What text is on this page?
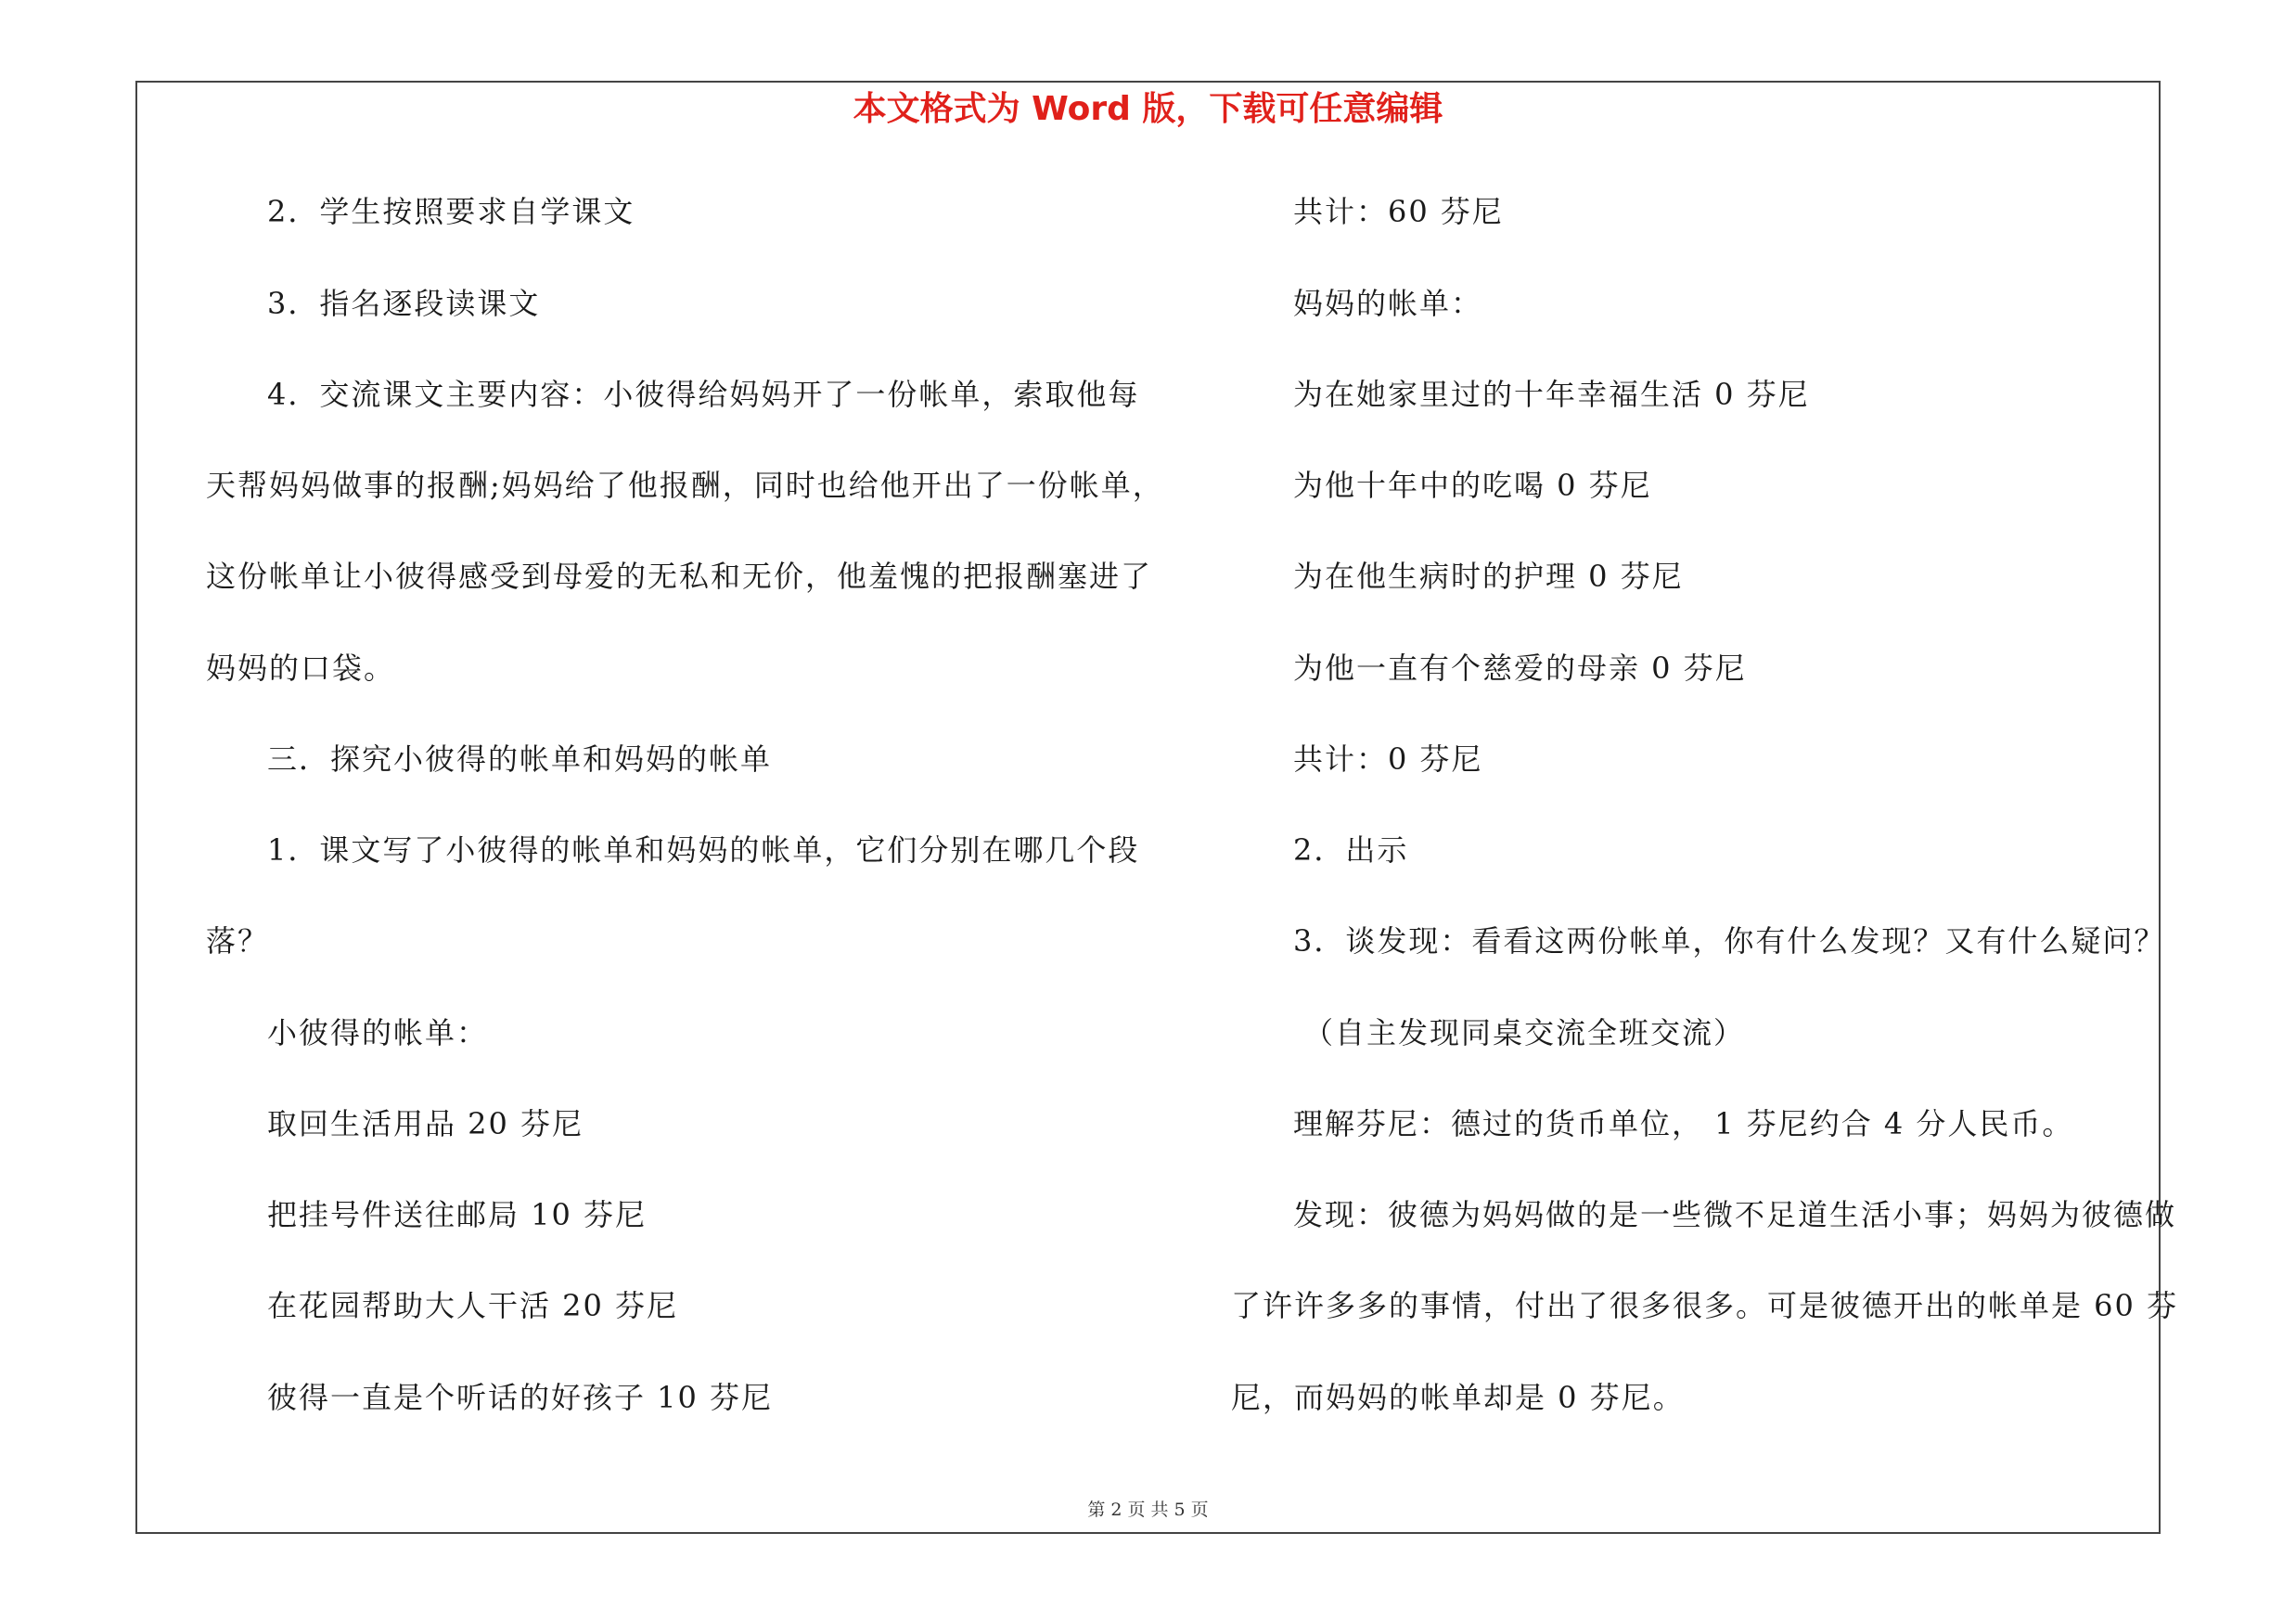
本文格式为 Word 版，下载可任意编辑
2．学生按照要求自学课文
3．指名逐段读课文
4．交流课文主要内容：小彼得给妈妈开了一份帐单，索取他每
天帮妈妈做事的报酬;妈妈给了他报酬，同时也给他开出了一份帐单，
这份帐单让小彼得感受到母爱的无私和无价，他羞愧的把报酬塞进了
妈妈的口袋。
三．探究小彼得的帐单和妈妈的帐单
1．课文写了小彼得的帐单和妈妈的帐单，它们分别在哪几个段
落？
小彼得的帐单：
取回生活用品 20 芬尼
把挂号件送往邮局 10 芬尼
在花园帮助大人干活 20 芬尼
彼得一直是个听话的好孩子 10 芬尼
共计：60 芬尼
妈妈的帐单：
为在她家里过的十年幸福生活 0 芬尼
为他十年中的吃喝 0 芬尼
为在他生病时的护理 0 芬尼
为他一直有个慈爱的母亲 0 芬尼
共计：0 芬尼
2．出示
3．谈发现：看看这两份帐单，你有什么发现？又有什么疑问？
（自主发现同桌交流全班交流）
理解芬尼：德过的货币单位， 1 芬尼约合 4 分人民币。
发现：彼德为妈妈做的是一些微不足道生活小事；妈妈为彼德做
了许许多多的事情，付出了很多很多。可是彼德开出的帐单是 60 芬
尼，而妈妈的帐单却是 0 芬尼。
第 2 页 共 5 页
